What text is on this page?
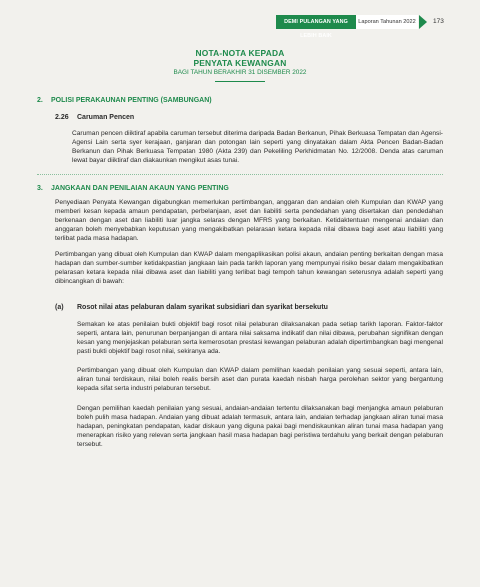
DEMI PULANGAN YANG LEBIH BAIK
Laporan Tahunan 2022	173
NOTA-NOTA KEPADA
PENYATA KEWANGAN
BAGI TAHUN BERAKHIR 31 DISEMBER 2022
2. POLISI PERAKAUNAN PENTING (SAMBUNGAN)
2.26 Caruman Pencen
Caruman pencen diiktiraf apabila caruman tersebut diterima daripada Badan Berkanun, Pihak Berkuasa Tempatan dan Agensi-Agensi Lain serta syer kerajaan, ganjaran dan potongan lain seperti yang dinyatakan dalam Akta Pencen Badan-Badan Berkanun dan Pihak Berkuasa Tempatan 1980 (Akta 239) dan Pekeliling Perkhidmatan No. 12/2008. Denda atas caruman lewat bayar diiktiraf dan diakaunkan mengikut asas tunai.
3. JANGKAAN DAN PENILAIAN AKAUN YANG PENTING
Penyediaan Penyata Kewangan digabungkan memerlukan pertimbangan, anggaran dan andaian oleh Kumpulan dan KWAP yang memberi kesan kepada amaun pendapatan, perbelanjaan, aset dan liabiliti serta pendedahan yang disertakan dan pendedahan berkenaan dengan aset dan liabiliti luar jangka selaras dengan MFRS yang berkaitan. Ketidaktentuan mengenai andaian dan anggaran boleh menyebabkan keputusan yang mengakibatkan pelarasan ketara kepada nilai dibawa bagi aset atau liabiliti yang terlibat pada masa hadapan.
Pertimbangan yang dibuat oleh Kumpulan dan KWAP dalam mengaplikasikan polisi akaun, andaian penting berkaitan dengan masa hadapan dan sumber-sumber ketidakpastian jangkaan lain pada tarikh laporan yang mempunyai risiko besar dalam mengakibatkan pelarasan ketara kepada nilai dibawa aset dan liabiliti yang terlibat bagi tempoh tahun kewangan seterusnya adalah seperti yang dibincangkan di bawah:
(a) Rosot nilai atas pelaburan dalam syarikat subsidiari dan syarikat bersekutu
Semakan ke atas penilaian bukti objektif bagi rosot nilai pelaburan dilaksanakan pada setiap tarikh laporan. Faktor-faktor seperti, antara lain, penurunan berpanjangan di antara nilai saksama indikatif dan nilai dibawa, perubahan signifikan dengan kesan yang menjejaskan pelaburan serta kemerosotan prestasi kewangan pelaburan adalah dipertimbangkan bagi mengenal pasti bukti objektif bagi rosot nilai, sekiranya ada.
Pertimbangan yang dibuat oleh Kumpulan dan KWAP dalam pemilihan kaedah penilaian yang sesuai seperti, antara lain, aliran tunai terdiskaun, nilai boleh realis bersih aset dan purata kaedah nisbah harga perolehan sektor yang bergantung kepada sifat serta industri pelaburan tersebut.
Dengan pemilihan kaedah penilaian yang sesuai, andaian-andaian tertentu dilaksanakan bagi menjangka amaun pelaburan boleh pulih masa hadapan. Andaian yang dibuat adalah termasuk, antara lain, andaian terhadap jangkaan aliran tunai masa hadapan, peningkatan pendapatan, kadar diskaun yang diguna pakai bagi mendiskaunkan aliran tunai masa hadapan yang menerapkan risiko yang relevan serta jangkaan hasil masa hadapan bagi peristiwa terdahulu yang berkait dengan pelaburan tersebut.
